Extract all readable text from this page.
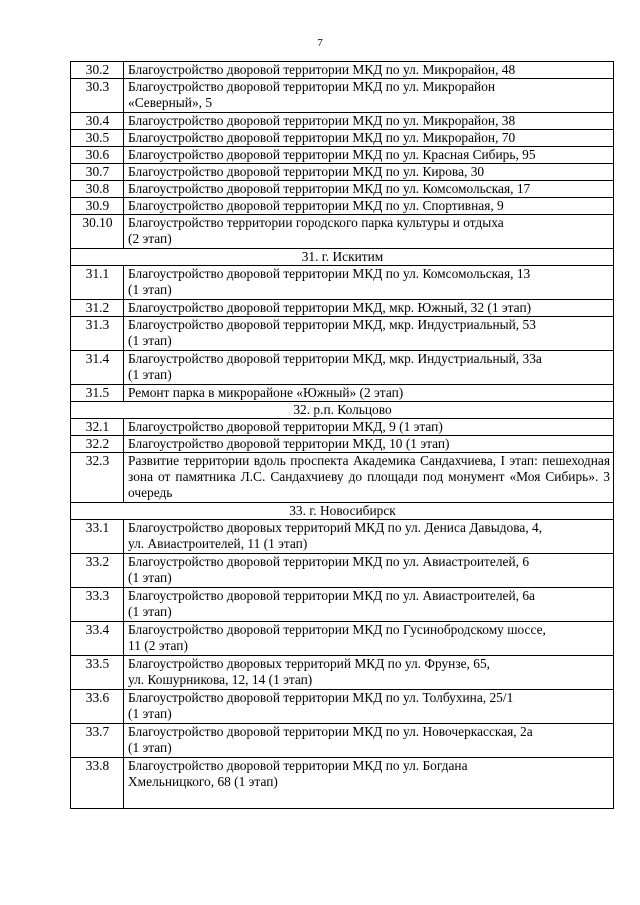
7
30.2	Благоустройство дворовой территории МКД по ул. Микрорайон, 48

30.3	Благоустройство дворовой территории МКД по ул. Микрорайон
«Северный», 5

30.4	Благоустройство дворовой территории МКД по ул. Микрорайон, 38

30.5	Благоустройство дворовой территории МКД по ул. Микрорайон, 70

30.6	Благоустройство дворовой территории МКД по ул. Красная Сибирь, 95

30.7	Благоустройство дворовой территории МКД по ул. Кирова, 30

30.8	Благоустройство дворовой территории МКД по ул. Комсомольская, 17

30.9	Благоустройство дворовой территории МКД по ул. Спортивная, 9

30.10	Благоустройство территории городского парка культуры и отдыха
(2 этап)

31. г. Искитим	
31.1	Благоустройство дворовой территории МКД по ул. Комсомольская, 13
(1 этап)

31.2	Благоустройство дворовой территории МКД, мкр. Южный, 32 (1 этап)

31.3	Благоустройство дворовой территории МКД, мкр. Индустриальный, 53
(1 этап)

31.4	Благоустройство дворовой территории МКД, мкр. Индустриальный, 33а
(1 этап)

31.5	Ремонт парка в микрорайоне «Южный» (2 этап)

32. р.п. Кольцово	
32.1	Благоустройство дворовой территории МКД, 9 (1 этап)

32.2	Благоустройство дворовой территории МКД, 10 (1 этап)

32.3	Развитие территории вдоль проспекта Академика Сандахчиева, I этап: пешеходная зона от памятника Л.С. Сандахчиеву до площади под монумент «Моя Сибирь». 3 очередь
33. г. Новосибирск	
33.1	Благоустройство дворовых территорий МКД по ул. Дениса Давыдова, 4,
ул. Авиастроителей, 11 (1 этап)

33.2	Благоустройство дворовой территории МКД по ул. Авиастроителей, 6
(1 этап)

33.3	Благоустройство дворовой территории МКД по ул. Авиастроителей, 6а
(1 этап)

33.4	Благоустройство дворовой территории МКД по Гусинобродскому шоссе,
11 (2 этап)

33.5	Благоустройство дворовых территорий МКД по ул. Фрунзе, 65,
ул. Кошурникова, 12, 14 (1 этап)

33.6	Благоустройство дворовой территории МКД по ул. Толбухина, 25/1
(1 этап)

33.7	Благоустройство дворовой территории МКД по ул. Новочеркасская, 2а
(1 этап)

33.8	Благоустройство дворовой территории МКД по ул. Богдана
Хмельницкого, 68 (1 этап)
